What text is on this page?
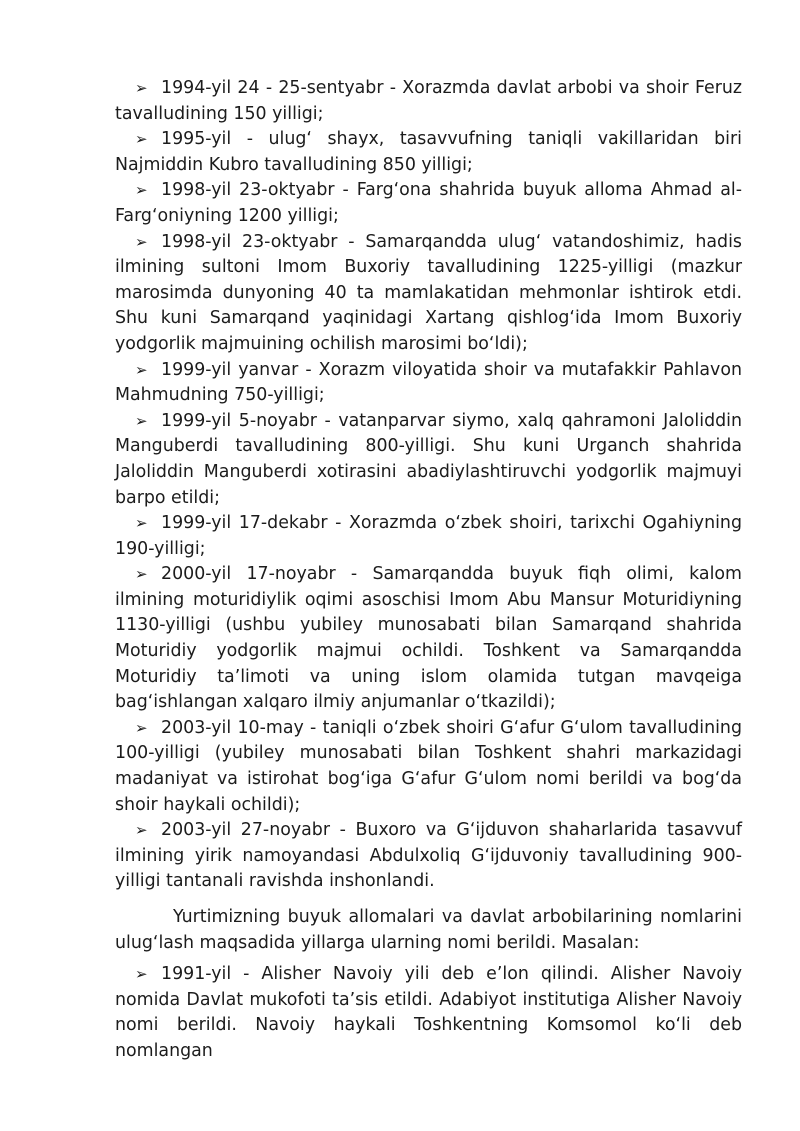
➢ 1994-yil 24 - 25-sentyabr - Xorazmda davlat arbobi va shoir Feruz tavalludining 150 yilligi;

➢ 1995-yil - ulug‘ shayx, tasavvufning taniqli vakillaridan biri Najmiddin Kubro tavalludining 850 yilligi;

➢ 1998-yil 23-oktyabr - Farg‘ona shahrida buyuk alloma Ahmad al-Farg‘oniyning 1200 yilligi;

➢ 1998-yil 23-oktyabr - Samarqandda ulug‘ vatandoshimiz, hadis ilmining sultoni Imom Buxoriy tavalludining 1225-yilligi (mazkur marosimda dunyoning 40 ta mamlakatidan mehmonlar ishtirok etdi. Shu kuni Samarqand yaqinidagi Xartang qishlog‘ida Imom Buxoriy yodgorlik majmuining ochilish marosimi bo‘ldi);

➢ 1999-yil yanvar - Xorazm viloyatida shoir va mutafakkir Pahlavon Mahmudning 750-yilligi;

➢ 1999-yil 5-noyabr - vatanparvar siymo, xalq qahramoni Jaloliddin Manguberdi tavalludining 800-yilligi. Shu kuni Urganch shahrida Jaloliddin Manguberdi xotirasini abadiylashtiruvchi yodgorlik majmuyi barpo etildi;

➢ 1999-yil 17-dekabr - Xorazmda o‘zbek shoiri, tarixchi Ogahiyning 190-yilligi;

➢ 2000-yil 17-noyabr - Samarqandda buyuk fiqh olimi, kalom ilmining moturidiylik oqimi asoschisi Imom Abu Mansur Moturidiyning 1130-yilligi (ushbu yubiley munosabati bilan Samarqand shahrida Moturidiy yodgorlik majmui ochildi. Toshkent va Samarqandda Moturidiy ta’limoti va uning islom olamida tutgan mavqeiga bag‘ishlangan xalqaro ilmiy anjumanlar o‘tkazildi);

➢ 2003-yil 10-may - taniqli o‘zbek shoiri G‘afur G‘ulom tavalludining 100-yilligi (yubiley munosabati bilan Toshkent shahri markazidagi madaniyat va istirohat bog‘iga G‘afur G‘ulom nomi berildi va bog‘da shoir haykali ochildi);

➢ 2003-yil 27-noyabr - Buxoro va G‘ijduvon shaharlarida tasavvuf ilmining yirik namoyandasi Abdulxoliq G‘ijduvoniy tavalludining 900-yilligi tantanali ravishda inshonlandi.

Yurtimizning buyuk allomalari va davlat arbobilarining nomlarini ulug‘lash maqsadida yillarga ularning nomi berildi. Masalan:

➢ 1991-yil - Alisher Navoiy yili deb e’lon qilindi. Alisher Navoiy nomida Davlat mukofoti ta’sis etildi. Adabiyot institutiga Alisher Navoiy nomi berildi. Navoiy haykali Toshkentning Komsomol ko‘li deb nomlangan
